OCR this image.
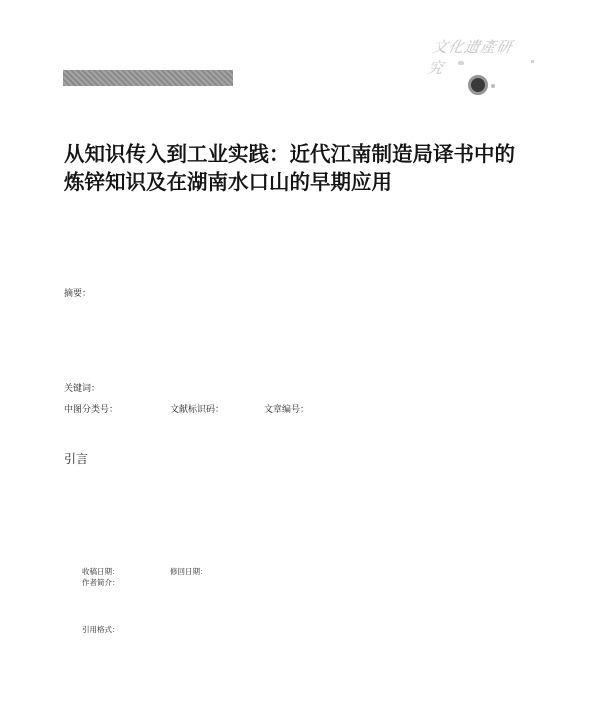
文化遗產研究
从知识传入到工业实践：近代江南制造局译书中的
炼锌知识及在湖南水口山的早期应用
摘要：
关键词：
中图分类号：	文献标识码：	文章编号：
引言
收稿日期：	修回日期：
作者简介：
引用格式：
